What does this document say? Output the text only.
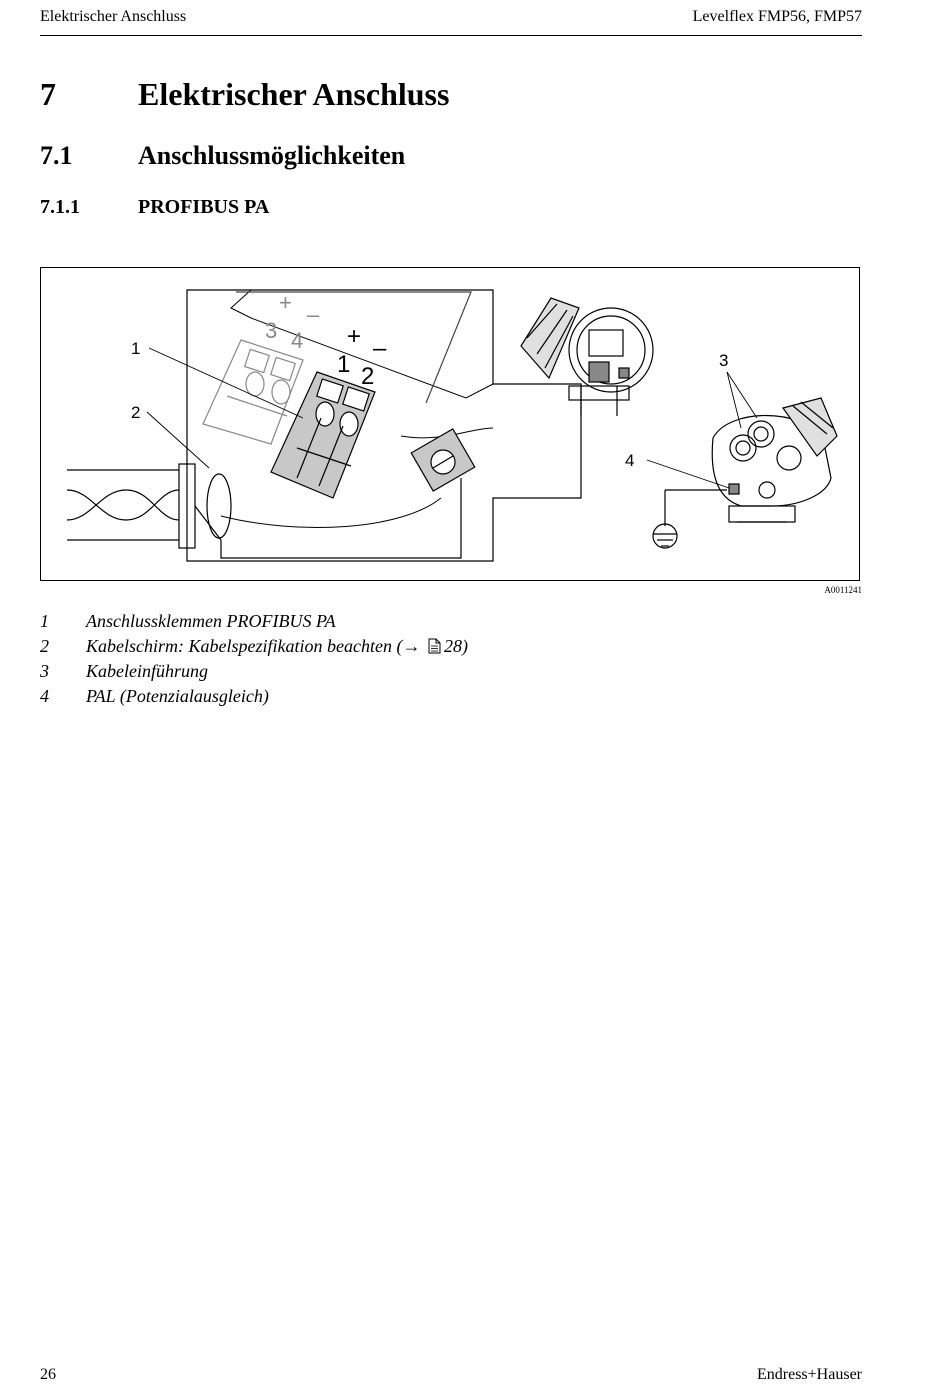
Elektrischer Anschluss	Levelflex FMP56, FMP57
7	Elektrischer Anschluss
7.1	Anschlussmöglichkeiten
7.1.1	PROFIBUS PA
3 4
+ –
1 2
+ –
1
2
3
4
A0011241
1 Anschlussklemmen PROFIBUS PA
2 Kabelschirm: Kabelspezifikation beachten (→ 28)
3 Kabeleinführung
4 PAL (Potenzialausgleich)
26	Endress+Hauser
